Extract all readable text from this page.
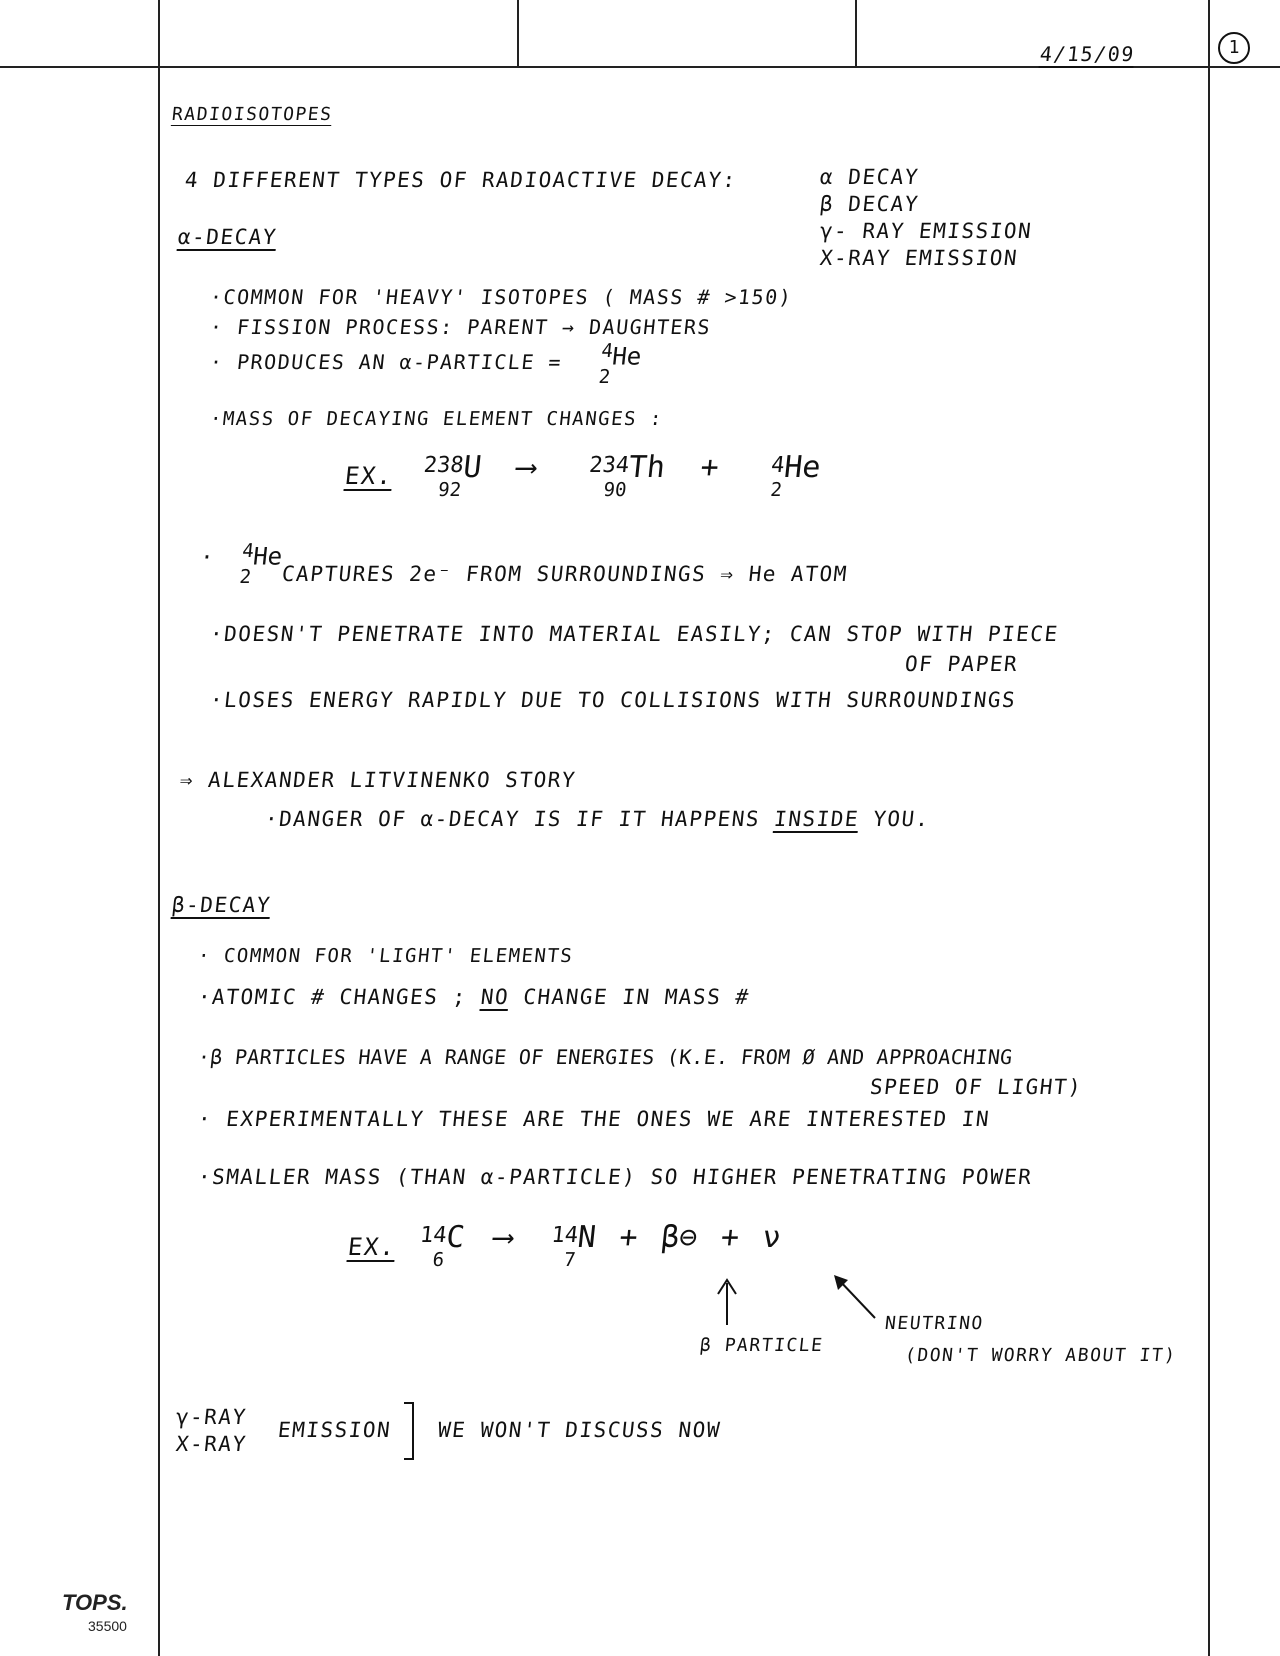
4/15/09	1
RADIOISOTOPES
4 DIFFERENT TYPES OF RADIOACTIVE DECAY:	α DECAY
β DECAY
γ- RAY EMISSION
X-RAY EMISSION
α-DECAY
·COMMON FOR 'HEAVY' ISOTOPES ( MASS # >150)
· FISSION PROCESS: PARENT → DAUGHTERS
· PRODUCES AN α-PARTICLE = 4
2
He
·MASS OF DECAYING ELEMENT CHANGES :
EX. 238
92
U ⟶ 234
90
Th + 4
2
He
· 4
2
He
CAPTURES 2e⁻ FROM SURROUNDINGS ⇒ He ATOM
·DOESN'T PENETRATE INTO MATERIAL EASILY; CAN STOP WITH PIECE
OF PAPER
·LOSES ENERGY RAPIDLY DUE TO COLLISIONS WITH SURROUNDINGS
⇒ ALEXANDER LITVINENKO STORY
·DANGER OF α-DECAY IS IF IT HAPPENS INSIDE YOU.
β-DECAY
· COMMON FOR 'LIGHT' ELEMENTS
·ATOMIC # CHANGES ; NO CHANGE IN MASS #
·β PARTICLES HAVE A RANGE OF ENERGIES (K.E. FROM Ø AND APPROACHING
SPEED OF LIGHT)
· EXPERIMENTALLY THESE ARE THE ONES WE ARE INTERESTED IN
·SMALLER MASS (THAN α-PARTICLE) SO HIGHER PENETRATING POWER
EX. 14
6
C ⟶ 14
7
N + β⊖ + ν
β PARTICLE
NEUTRINO
(DON'T WORRY ABOUT IT)
γ-RAY
X-RAY
EMISSION WE WON'T DISCUSS NOW
TOPS.
35500
